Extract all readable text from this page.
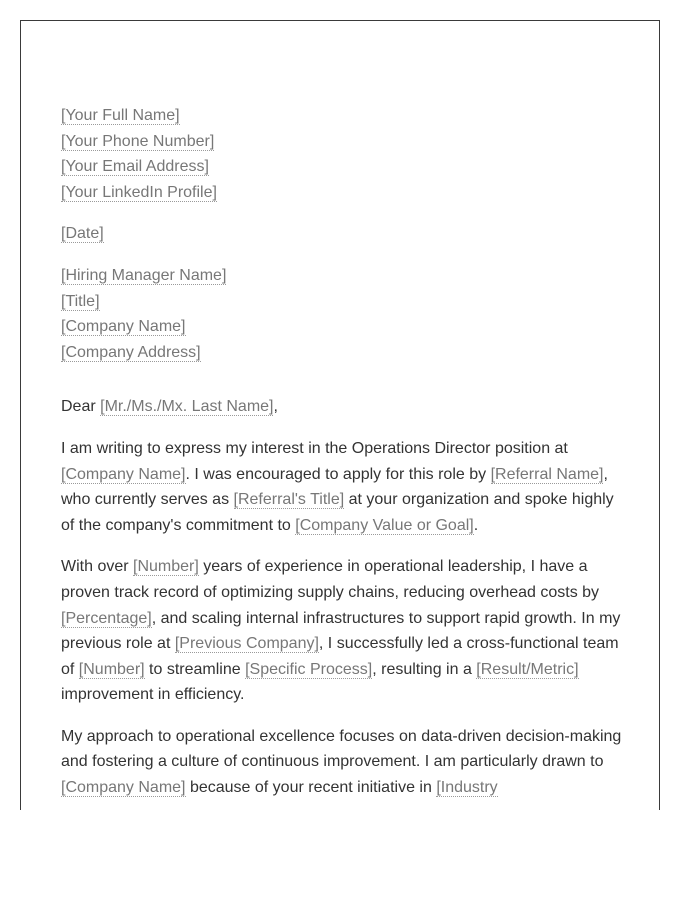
[Your Full Name]
[Your Phone Number]
[Your Email Address]
[Your LinkedIn Profile]
[Date]
[Hiring Manager Name]
[Title]
[Company Name]
[Company Address]

Dear [Mr./Ms./Mx. Last Name],

I am writing to express my interest in the Operations Director position at [Company Name]. I was encouraged to apply for this role by [Referral Name], who currently serves as [Referral's Title] at your organization and spoke highly of the company's commitment to [Company Value or Goal].

With over [Number] years of experience in operational leadership, I have a proven track record of optimizing supply chains, reducing overhead costs by [Percentage], and scaling internal infrastructures to support rapid growth. In my previous role at [Previous Company], I successfully led a cross-functional team of [Number] to streamline [Specific Process], resulting in a [Result/Metric] improvement in efficiency.

My approach to operational excellence focuses on data-driven decision-making and fostering a culture of continuous improvement. I am particularly drawn to [Company Name] because of your recent initiative in [Industry
